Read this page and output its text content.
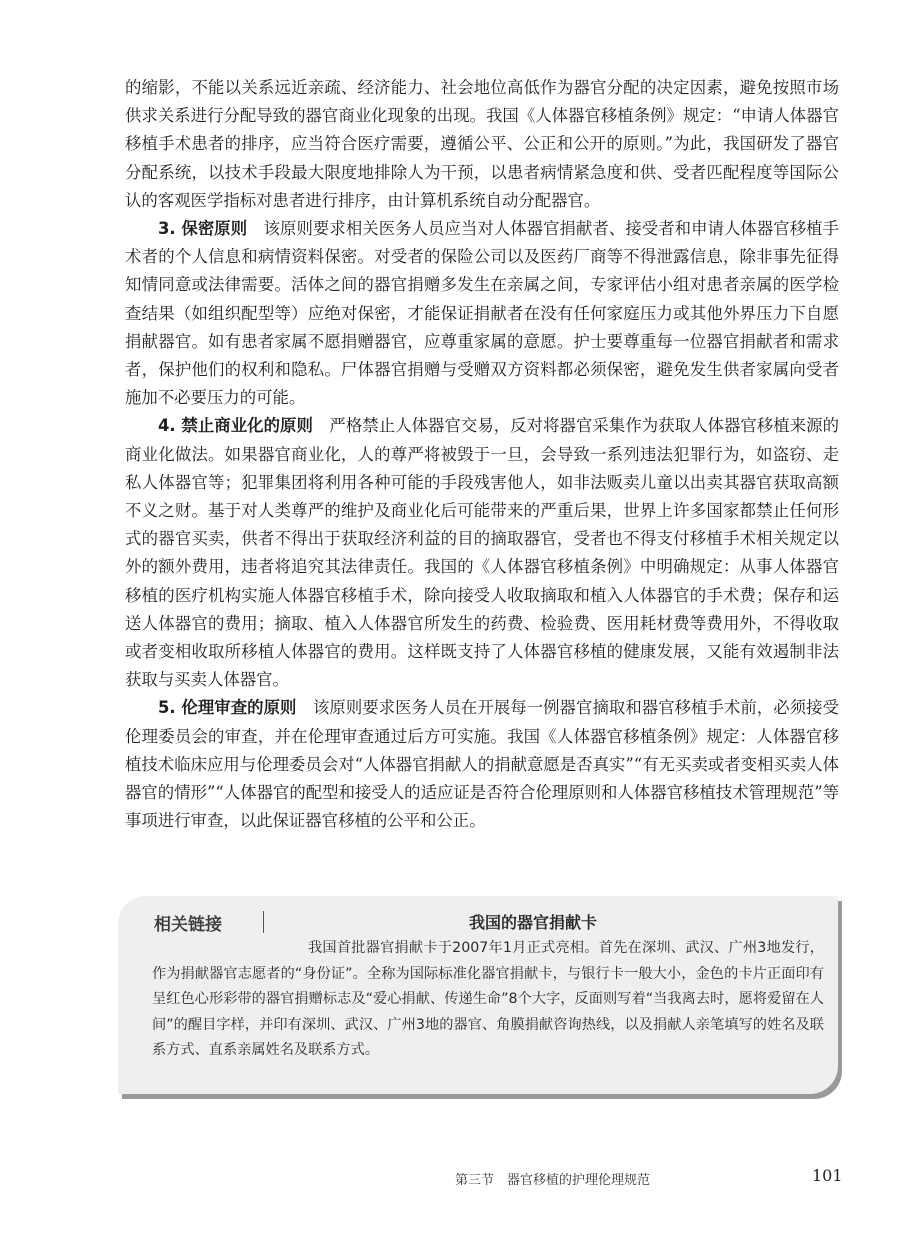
的缩影，不能以关系远近亲疏、经济能力、社会地位高低作为器官分配的决定因素，避免按照市场供求关系进行分配导致的器官商业化现象的出现。我国《人体器官移植条例》规定：“申请人体器官移植手术患者的排序，应当符合医疗需要，遵循公平、公正和公开的原则。”为此，我国研发了器官分配系统，以技术手段最大限度地排除人为干预，以患者病情紧急度和供、受者匹配程度等国际公认的客观医学指标对患者进行排序，由计算机系统自动分配器官。

3. 保密原则　 该原则要求相关医务人员应当对人体器官捐献者、接受者和申请人体器官移植手术者的个人信息和病情资料保密。对受者的保险公司以及医药厂商等不得泄露信息，除非事先征得知情同意或法律需要。活体之间的器官捐赠多发生在亲属之间，专家评估小组对患者亲属的医学检查结果（如组织配型等）应绝对保密，才能保证捐献者在没有任何家庭压力或其他外界压力下自愿捐献器官。如有患者家属不愿捐赠器官，应尊重家属的意愿。护士要尊重每一位器官捐献者和需求者，保护他们的权利和隐私。尸体器官捐赠与受赠双方资料都必须保密，避免发生供者家属向受者施加不必要压力的可能。

4. 禁止商业化的原则　 严格禁止人体器官交易，反对将器官采集作为获取人体器官移植来源的商业化做法。如果器官商业化，人的尊严将被毁于一旦，会导致一系列违法犯罪行为，如盗窃、走私人体器官等；犯罪集团将利用各种可能的手段残害他人，如非法贩卖儿童以出卖其器官获取高额不义之财。基于对人类尊严的维护及商业化后可能带来的严重后果，世界上许多国家都禁止任何形式的器官买卖，供者不得出于获取经济利益的目的摘取器官，受者也不得支付移植手术相关规定以外的额外费用，违者将追究其法律责任。我国的《人体器官移植条例》中明确规定：从事人体器官移植的医疗机构实施人体器官移植手术，除向接受人收取摘取和植入人体器官的手术费；保存和运送人体器官的费用；摘取、植入人体器官所发生的药费、检验费、医用耗材费等费用外，不得收取或者变相收取所移植人体器官的费用。这样既支持了人体器官移植的健康发展，又能有效遏制非法获取与买卖人体器官。

5. 伦理审查的原则　 该原则要求医务人员在开展每一例器官摘取和器官移植手术前，必须接受伦理委员会的审查，并在伦理审查通过后方可实施。我国《人体器官移植条例》规定：人体器官移植技术临床应用与伦理委员会对“人体器官捐献人的捐献意愿是否真实”“有无买卖或者变相买卖人体器官的情形”“人体器官的配型和接受人的适应证是否符合伦理原则和人体器官移植技术管理规范”等事项进行审查，以此保证器官移植的公平和公正。

相关链接	我国的器官捐献卡

我国首批器官捐献卡于2007年1月正式亮相。首先在深圳、武汉、广州3地发行，作为捐献器官志愿者的“身份证”。全称为国际标准化器官捐献卡，与银行卡一般大小，金色的卡片正面印有呈红色心形彩带的器官捐赠标志及“爱心捐献、传递生命”8个大字，反面则写着“当我离去时，愿将爱留在人间”的醒目字样，并印有深圳、武汉、广州3地的器官、角膜捐献咨询热线，以及捐献人亲笔填写的姓名及联系方式、直系亲属姓名及联系方式。

第三节　器官移植的护理伦理规范	101
